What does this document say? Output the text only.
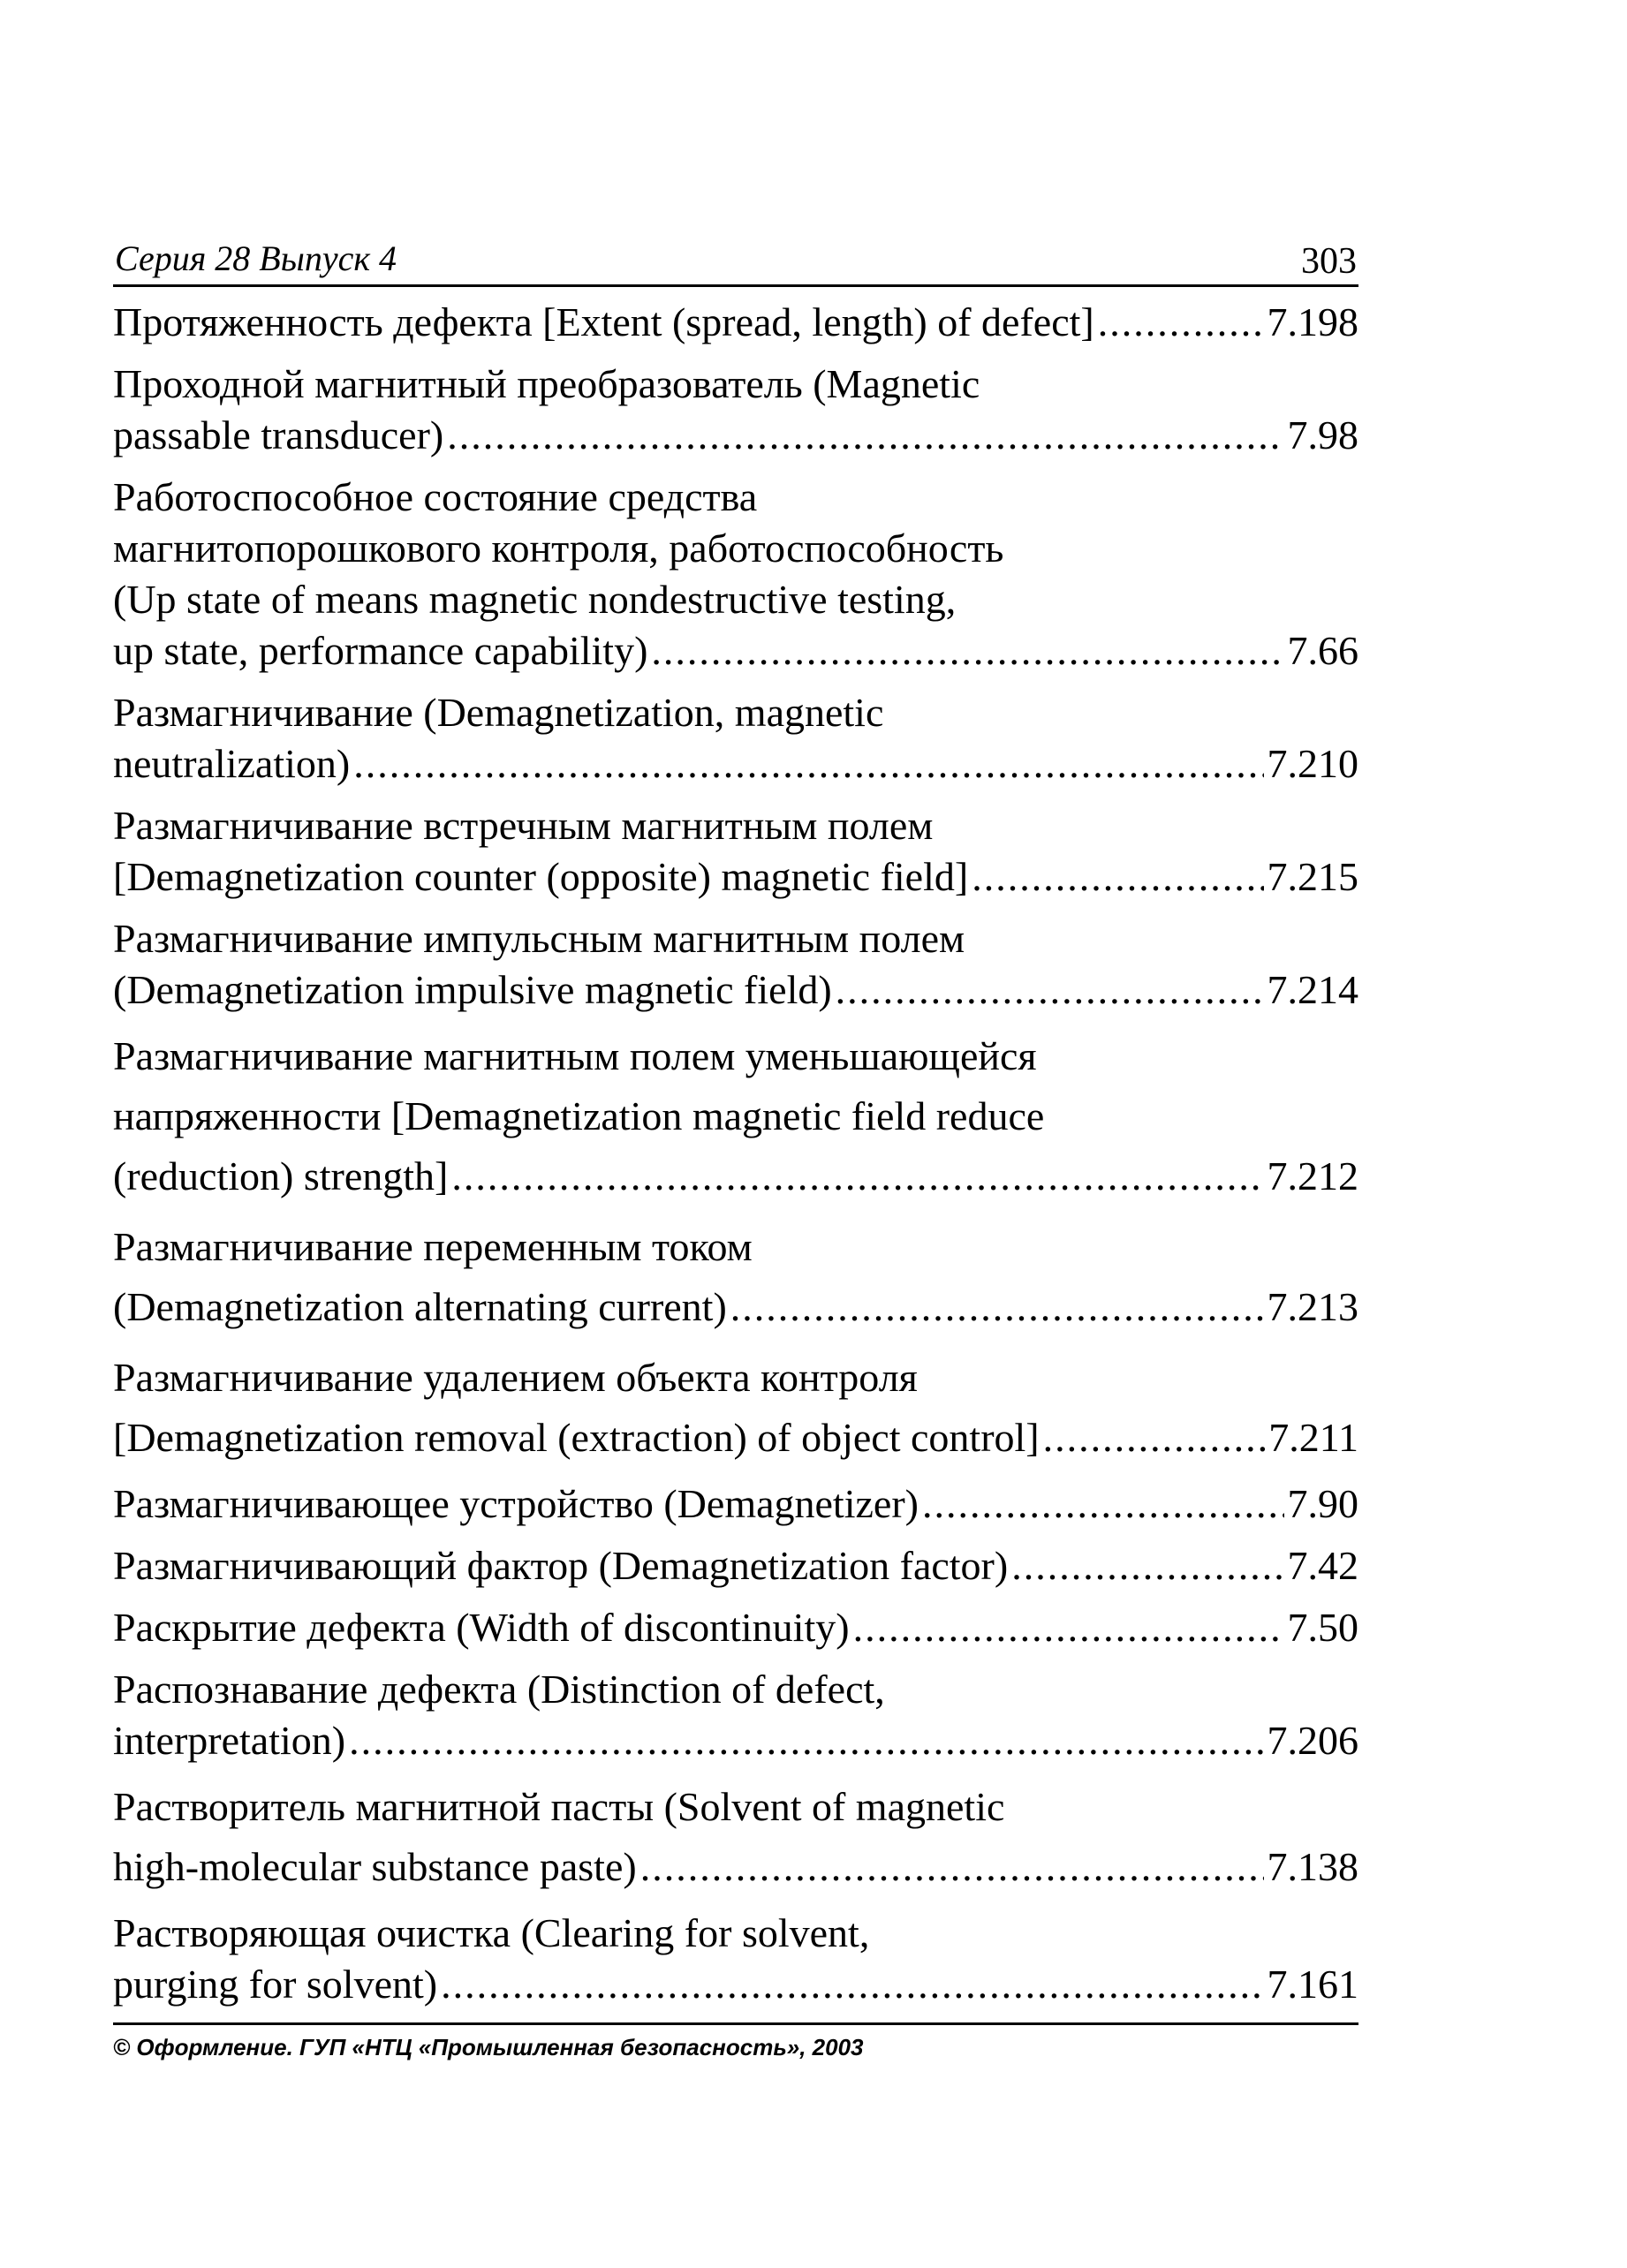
Серия 28 Выпуск 4	303
Протяженность дефекта [Extent (spread, length) of defect] .....	7.198
Проходной магнитный преобразователь (Magnetic
passable transducer) .....	7.98
Работоспособное состояние средства
магнитопорошкового контроля, работоспособность
(Up state of means magnetic nondestructive testing,
up state, performance capability) .....	7.66
Размагничивание (Demagnetization, magnetic
neutralization) .....	7.210
Размагничивание встречным магнитным полем
[Demagnetization counter (opposite) magnetic field] .....	7.215
Размагничивание импульсным магнитным полем
(Demagnetization impulsive magnetic field) .....	7.214
Размагничивание магнитным полем уменьшающейся
напряженности [Demagnetization magnetic field reduce
(reduction) strength] .....	7.212
Размагничивание переменным током
(Demagnetization alternating current) .....	7.213
Размагничивание удалением объекта контроля
[Demagnetization removal (extraction) of object control] .....	7.211
Размагничивающее устройство (Demagnetizer) .....	7.90
Размагничивающий фактор (Demagnetization factor) .....	7.42
Раскрытие дефекта (Width of discontinuity) .....	7.50
Распознавание дефекта (Distinction of defect,
interpretation) .....	7.206
Растворитель магнитной пасты (Solvent of magnetic
high-molecular substance paste) .....	7.138
Растворяющая очистка (Clearing for solvent,
purging for solvent) .....	7.161
© Оформление. ГУП «НТЦ «Промышленная безопасность», 2003
